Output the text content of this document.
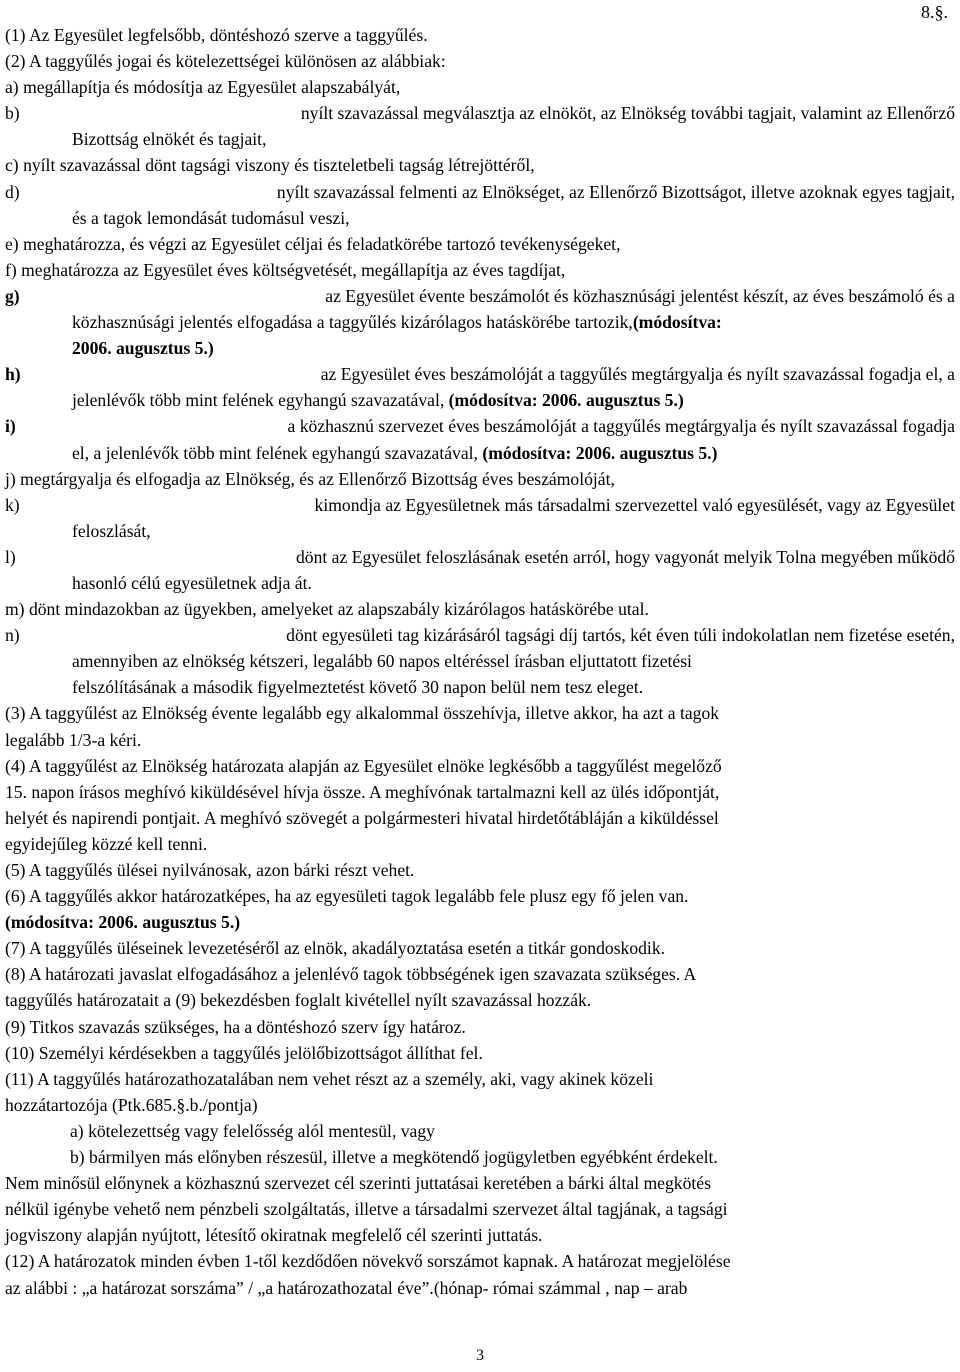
8.§.
(1) Az Egyesület legfelsőbb, döntéshozó szerve a taggyűlés.
(2) A taggyűlés jogai és kötelezettségei különösen az alábbiak:
a) megállapítja és módosítja az Egyesület alapszabályát,
b)	nyílt szavazással megválasztja az elnököt, az Elnökség további tagjait, valamint az Ellenőrző
Bizottság elnökét és tagjait,
c) nyílt szavazással dönt tagsági viszony és tiszteletbeli tagság létrejöttéről,
d)	nyílt szavazással felmenti az Elnökséget, az Ellenőrző Bizottságot, illetve azoknak egyes tagjait,
és a tagok lemondását tudomásul veszi,
e) meghatározza, és végzi az Egyesület céljai és feladatkörébe tartozó tevékenységeket,
f) meghatározza az Egyesület éves költségvetését, megállapítja az éves tagdíjat,
g)	az Egyesület évente beszámolót és közhasznúsági jelentést készít, az éves beszámoló és a
közhasznúsági jelentés elfogadása a taggyűlés kizárólagos hatáskörébe tartozik,(módosítva:
2006. augusztus 5.)
h)	az Egyesület éves beszámolóját a taggyűlés megtárgyalja és nyílt szavazással fogadja el, a
jelenlévők több mint felének egyhangú szavazatával, (módosítva: 2006. augusztus 5.)
i)	a közhasznú szervezet éves beszámolóját a taggyűlés megtárgyalja és nyílt szavazással fogadja
el, a jelenlévők több mint felének egyhangú szavazatával, (módosítva: 2006. augusztus 5.)
j) megtárgyalja és elfogadja az Elnökség, és az Ellenőrző Bizottság éves beszámolóját,
k)	kimondja az Egyesületnek más társadalmi szervezettel való egyesülését, vagy az Egyesület
feloszlását,
l)	dönt az Egyesület feloszlásának esetén arról, hogy vagyonát melyik Tolna megyében működő
hasonló célú egyesületnek adja át.
m) dönt mindazokban az ügyekben, amelyeket az alapszabály kizárólagos hatáskörébe utal.
n)	dönt egyesületi tag kizárásáról tagsági díj tartós, két éven túli indokolatlan nem fizetése esetén,
amennyiben az elnökség kétszeri, legalább 60 napos eltéréssel írásban eljuttatott fizetési
felszólításának a második figyelmeztetést követő 30 napon belül nem tesz eleget.
(3) A taggyűlést az Elnökség évente legalább egy alkalommal összehívja, illetve akkor, ha azt a tagok
legalább 1/3-a kéri.
(4) A taggyűlést az Elnökség határozata alapján az Egyesület elnöke legkésőbb a taggyűlést megelőző
15. napon írásos meghívó kiküldésével hívja össze. A meghívónak tartalmazni kell az ülés időpontját,
helyét és napirendi pontjait. A meghívó szövegét a polgármesteri hivatal hirdetőtábláján a kiküldéssel
egyidejűleg közzé kell tenni.
(5) A taggyűlés ülései nyilvánosak, azon bárki részt vehet.
(6) A taggyűlés akkor határozatképes, ha az egyesületi tagok legalább fele plusz egy fő jelen van.
(módosítva: 2006. augusztus 5.)
(7) A taggyűlés üléseinek levezetéséről az elnök, akadályoztatása esetén a titkár gondoskodik.
(8) A határozati javaslat elfogadásához a jelenlévő tagok többségének igen szavazata szükséges. A
taggyűlés határozatait a (9) bekezdésben foglalt kivétellel nyílt szavazással hozzák.
(9) Titkos szavazás szükséges, ha a döntéshozó szerv így határoz.
(10) Személyi kérdésekben a taggyűlés jelölőbizottságot állíthat fel.
(11) A taggyűlés határozathozatalában nem vehet részt az a személy, aki, vagy akinek közeli
hozzátartozója (Ptk.685.§.b./pontja)
a) kötelezettség vagy felelősség alól mentesül, vagy
b) bármilyen más előnyben részesül, illetve a megkötendő jogügyletben egyébként érdekelt.
Nem minősül előnynek a közhasznú szervezet cél szerinti juttatásai keretében a bárki által megkötés
nélkül igénybe vehető nem pénzbeli szolgáltatás, illetve a társadalmi szervezet által tagjának, a tagsági
jogviszony alapján nyújtott, létesítő okiratnak megfelelő cél szerinti juttatás.
(12) A határozatok minden évben 1-től kezdődően növekvő sorszámot kapnak. A határozat megjelölése
az alábbi : „a határozat sorszáma” / „a határozathozatal éve”.(hónap- római számmal , nap – arab
3
